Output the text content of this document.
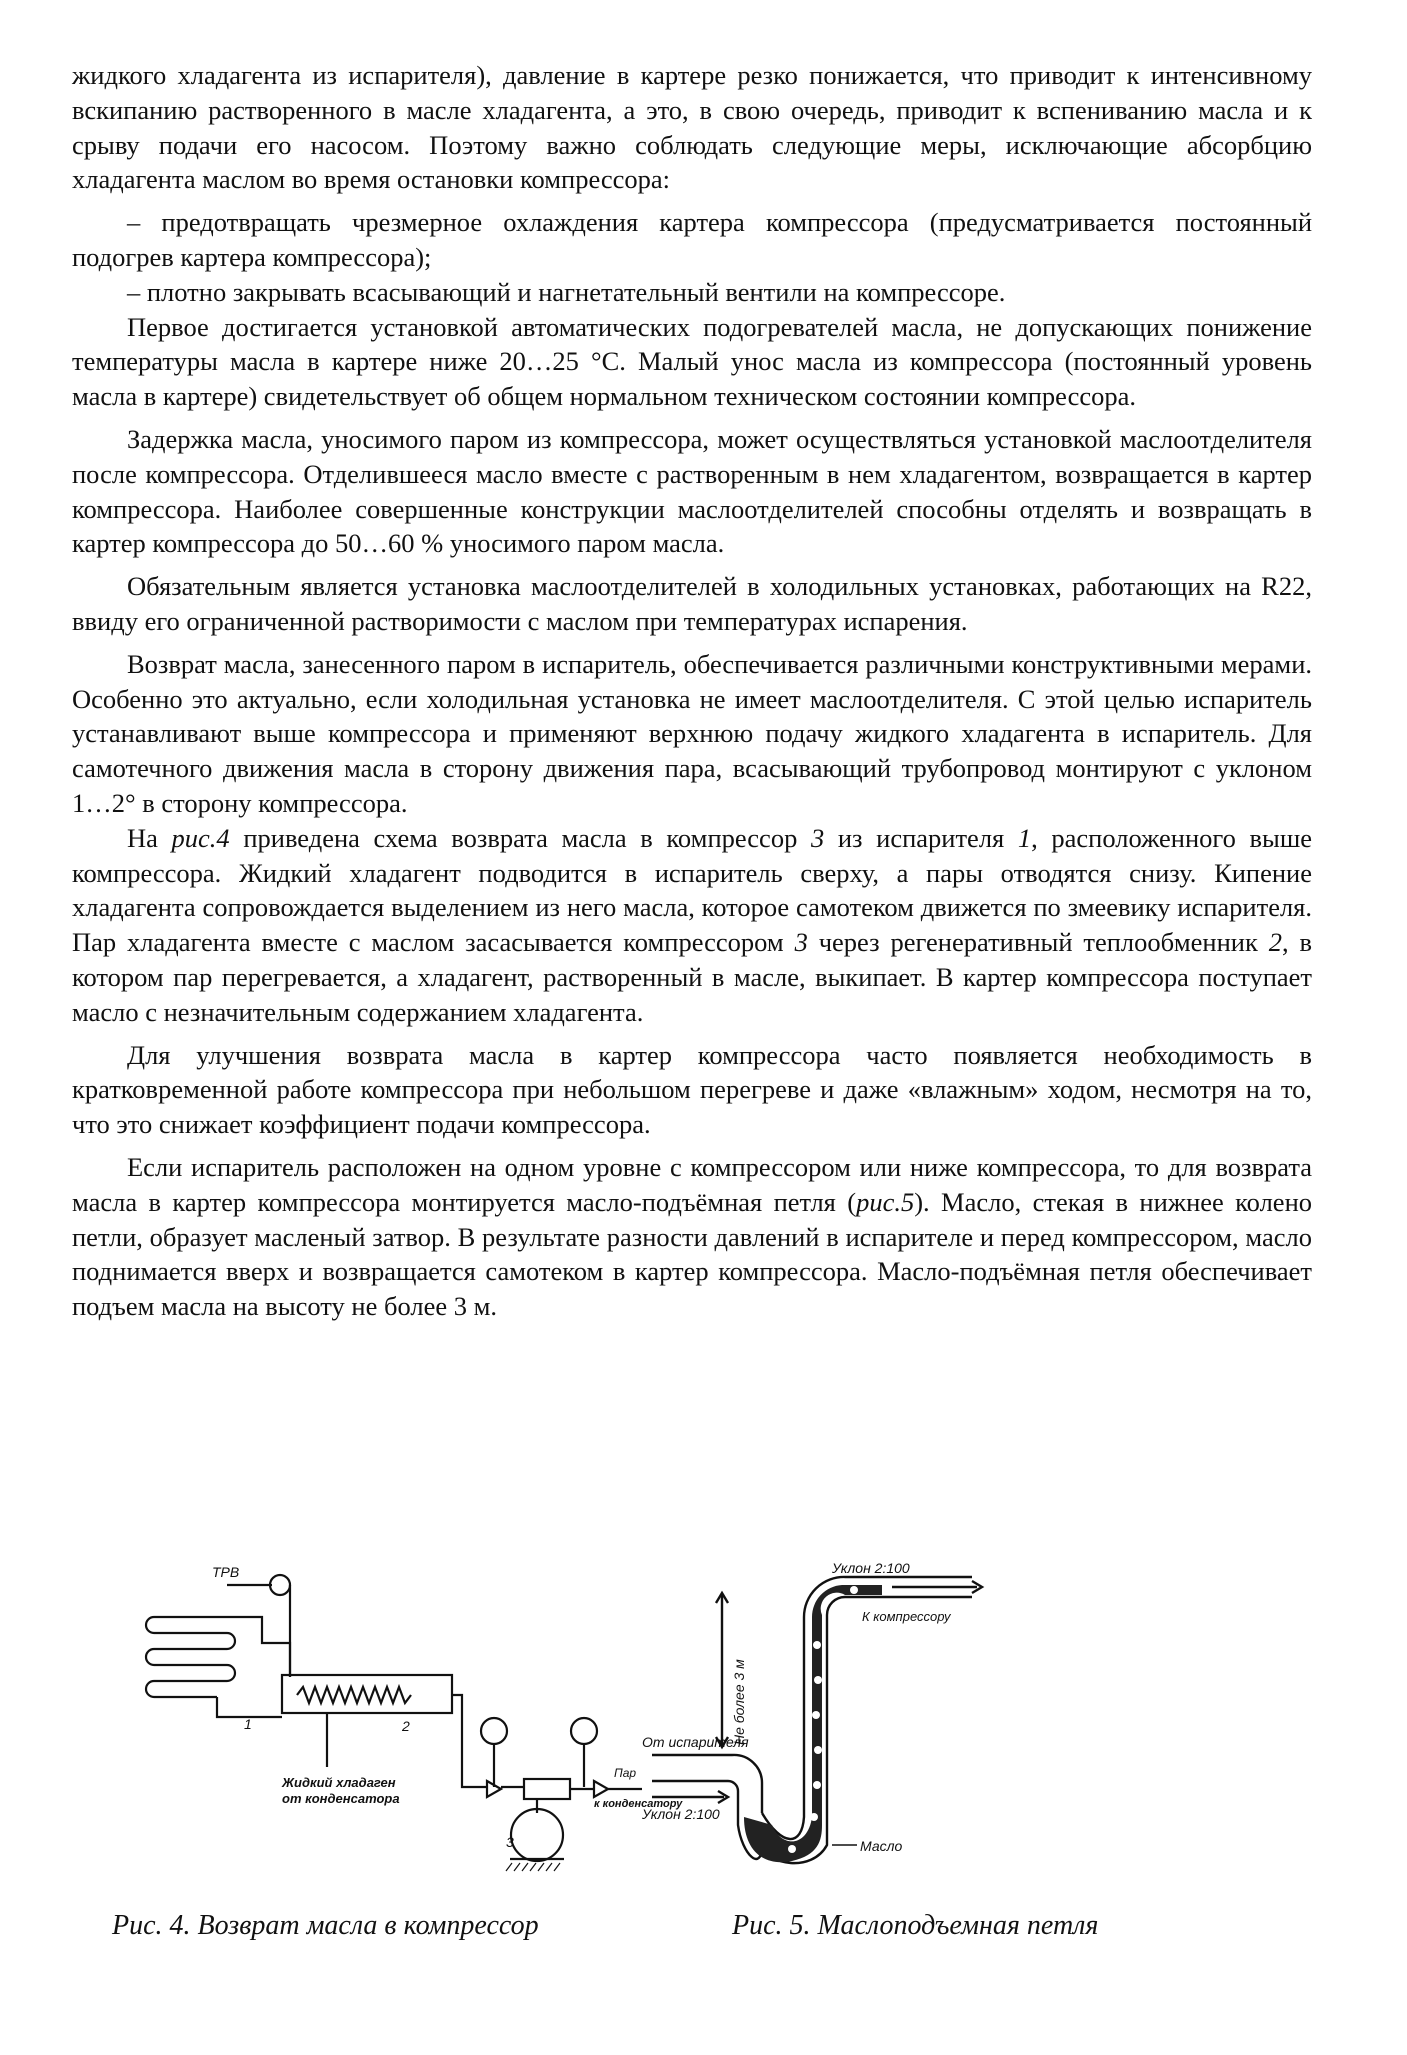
жидкого хладагента из испарителя), давление в картере резко понижается, что приводит к интенсивному вскипанию растворенного в масле хладагента, а это, в свою очередь, приводит к вспениванию масла и к срыву подачи его насосом. Поэтому важно соблюдать следующие меры, исключающие абсорбцию хладагента маслом во время остановки компрессора:

– предотвращать чрезмерное охлаждения картера компрессора (предусматривается постоянный подогрев картера компрессора);

– плотно закрывать всасывающий и нагнетательный вентили на компрессоре.

Первое достигается установкой автоматических подогревателей масла, не допускающих понижение температуры масла в картере ниже 20…25 °С. Малый унос масла из компрессора (постоянный уровень масла в картере) свидетельствует об общем нормальном техническом состоянии компрессора.

Задержка масла, уносимого паром из компрессора, может осуществляться установкой маслоотделителя после компрессора. Отделившееся масло вместе с растворенным в нем хладагентом, возвращается в картер компрессора. Наиболее совершенные конструкции маслоотделителей способны отделять и возвращать в картер компрессора до 50…60 % уносимого паром масла.

Обязательным является установка маслоотделителей в холодильных установках, работающих на R22, ввиду его ограниченной растворимости с маслом при температурах испарения.

Возврат масла, занесенного паром в испаритель, обеспечивается различными конструктивными мерами. Особенно это актуально, если холодильная установка не имеет маслоотделителя. С этой целью испаритель устанавливают выше компрессора и применяют верхнюю подачу жидкого хладагента в испаритель. Для самотечного движения масла в сторону движения пара, всасывающий трубопровод монтируют с уклоном 1…2° в сторону компрессора.

На рис.4 приведена схема возврата масла в компрессор 3 из испарителя 1, расположенного выше компрессора. Жидкий хладагент подводится в испаритель сверху, а пары отводятся снизу. Кипение хладагента сопровождается выделением из него масла, которое самотеком движется по змеевику испарителя. Пар хладагента вместе с маслом засасывается компрессором 3 через регенеративный теплообменник 2, в котором пар перегревается, а хладагент, растворенный в масле, выкипает. В картер компрессора поступает масло с незначительным содержанием хладагента.

Для улучшения возврата масла в картер компрессора часто появляется необходимость в кратковременной работе компрессора при небольшом перегреве и даже «влажным» ходом, несмотря на то, что это снижает коэффициент подачи компрессора.

Если испаритель расположен на одном уровне с компрессором или ниже компрессора, то для возврата масла в картер компрессора монтируется масло-подъёмная петля (рис.5). Масло, стекая в нижнее колено петли, образует масленый затвор. В результате разности давлений в испарителе и перед компрессором, масло поднимается вверх и возвращается самотеком в картер компрессора. Масло-подъёмная петля обеспечивает подъем масла на высоту не более 3 м.

ТРВ
1	2
3
Жидкий хладаген
от конденсатора
Пар
к конденсатору
Рис. 4. Возврат масла в компрессор
Уклон 2:100
К компрессору
Не более 3 м
От испарителя
Уклон 2:100
Масло
Рис. 5. Маслоподъемная петля
